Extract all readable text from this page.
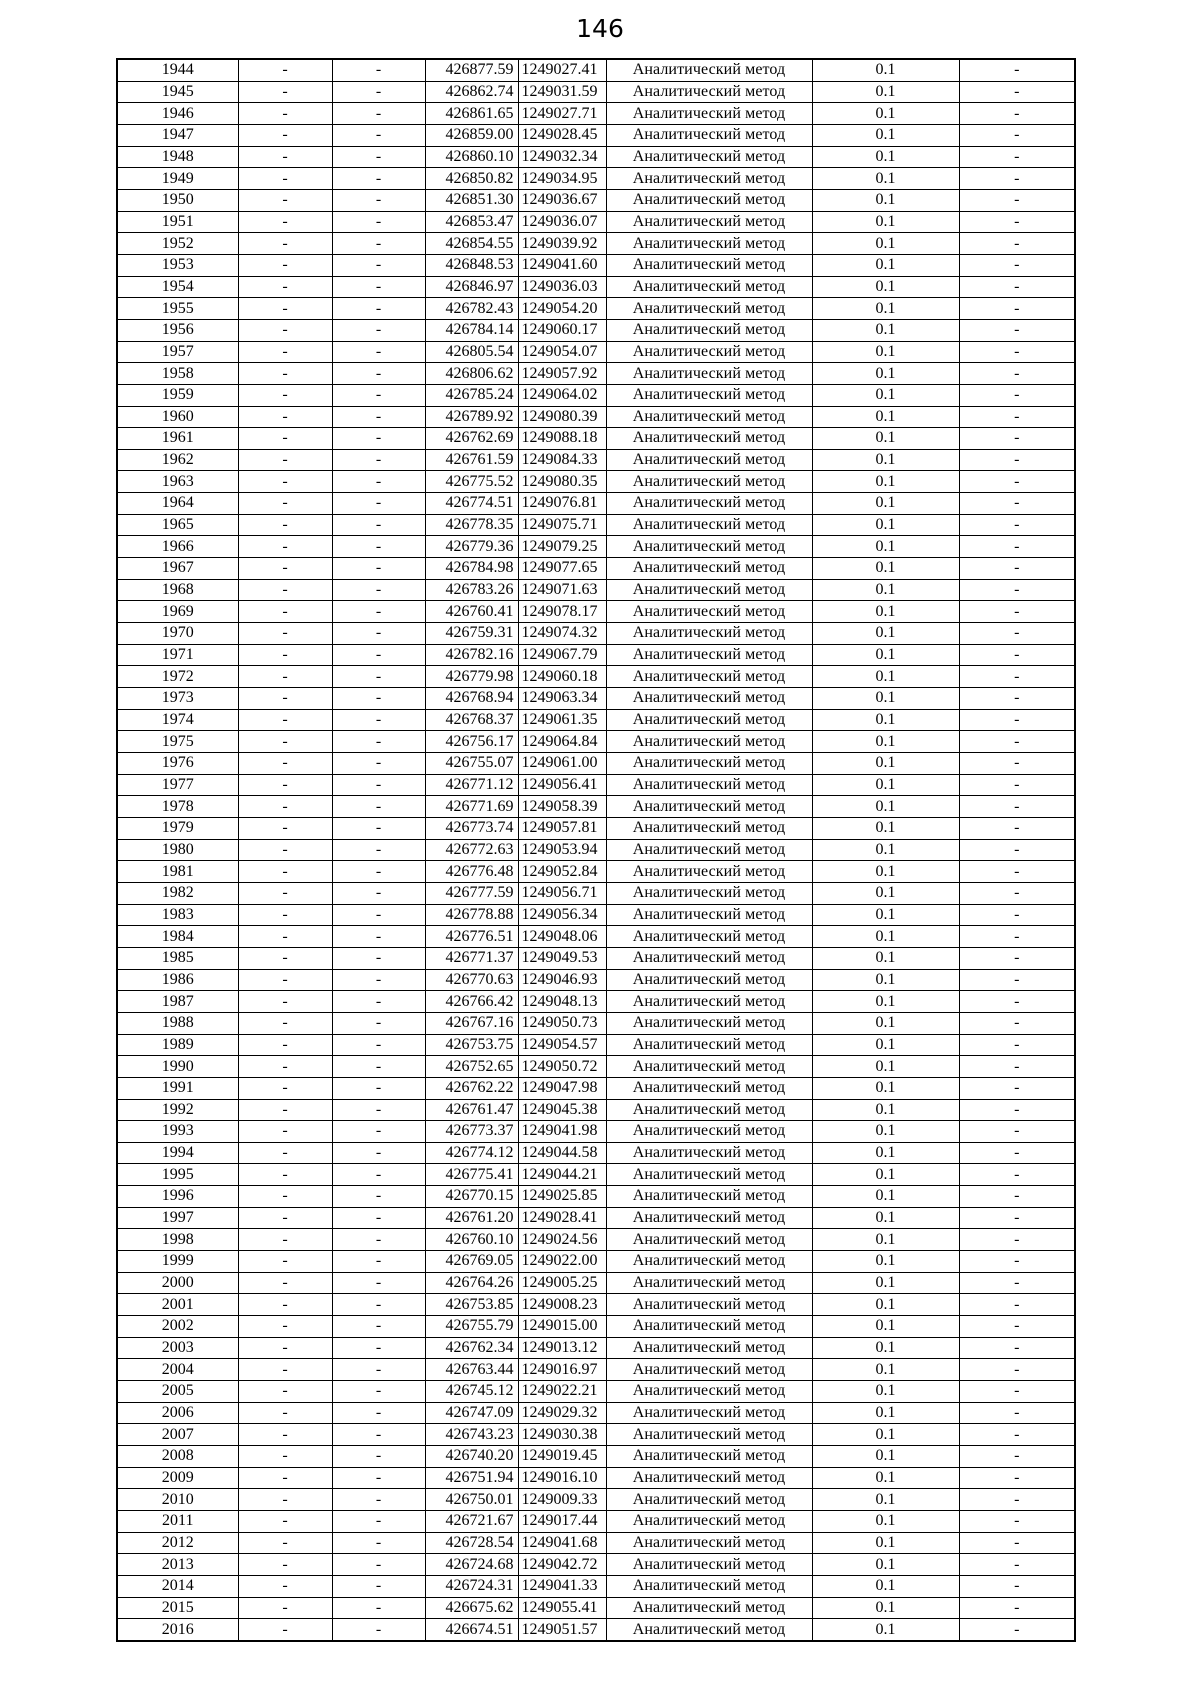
146
1944	-	-	426877.59	1249027.41	Аналитический метод	0.1	-
1945	-	-	426862.74	1249031.59	Аналитический метод	0.1	-
1946	-	-	426861.65	1249027.71	Аналитический метод	0.1	-
1947	-	-	426859.00	1249028.45	Аналитический метод	0.1	-
1948	-	-	426860.10	1249032.34	Аналитический метод	0.1	-
1949	-	-	426850.82	1249034.95	Аналитический метод	0.1	-
1950	-	-	426851.30	1249036.67	Аналитический метод	0.1	-
1951	-	-	426853.47	1249036.07	Аналитический метод	0.1	-
1952	-	-	426854.55	1249039.92	Аналитический метод	0.1	-
1953	-	-	426848.53	1249041.60	Аналитический метод	0.1	-
1954	-	-	426846.97	1249036.03	Аналитический метод	0.1	-
1955	-	-	426782.43	1249054.20	Аналитический метод	0.1	-
1956	-	-	426784.14	1249060.17	Аналитический метод	0.1	-
1957	-	-	426805.54	1249054.07	Аналитический метод	0.1	-
1958	-	-	426806.62	1249057.92	Аналитический метод	0.1	-
1959	-	-	426785.24	1249064.02	Аналитический метод	0.1	-
1960	-	-	426789.92	1249080.39	Аналитический метод	0.1	-
1961	-	-	426762.69	1249088.18	Аналитический метод	0.1	-
1962	-	-	426761.59	1249084.33	Аналитический метод	0.1	-
1963	-	-	426775.52	1249080.35	Аналитический метод	0.1	-
1964	-	-	426774.51	1249076.81	Аналитический метод	0.1	-
1965	-	-	426778.35	1249075.71	Аналитический метод	0.1	-
1966	-	-	426779.36	1249079.25	Аналитический метод	0.1	-
1967	-	-	426784.98	1249077.65	Аналитический метод	0.1	-
1968	-	-	426783.26	1249071.63	Аналитический метод	0.1	-
1969	-	-	426760.41	1249078.17	Аналитический метод	0.1	-
1970	-	-	426759.31	1249074.32	Аналитический метод	0.1	-
1971	-	-	426782.16	1249067.79	Аналитический метод	0.1	-
1972	-	-	426779.98	1249060.18	Аналитический метод	0.1	-
1973	-	-	426768.94	1249063.34	Аналитический метод	0.1	-
1974	-	-	426768.37	1249061.35	Аналитический метод	0.1	-
1975	-	-	426756.17	1249064.84	Аналитический метод	0.1	-
1976	-	-	426755.07	1249061.00	Аналитический метод	0.1	-
1977	-	-	426771.12	1249056.41	Аналитический метод	0.1	-
1978	-	-	426771.69	1249058.39	Аналитический метод	0.1	-
1979	-	-	426773.74	1249057.81	Аналитический метод	0.1	-
1980	-	-	426772.63	1249053.94	Аналитический метод	0.1	-
1981	-	-	426776.48	1249052.84	Аналитический метод	0.1	-
1982	-	-	426777.59	1249056.71	Аналитический метод	0.1	-
1983	-	-	426778.88	1249056.34	Аналитический метод	0.1	-
1984	-	-	426776.51	1249048.06	Аналитический метод	0.1	-
1985	-	-	426771.37	1249049.53	Аналитический метод	0.1	-
1986	-	-	426770.63	1249046.93	Аналитический метод	0.1	-
1987	-	-	426766.42	1249048.13	Аналитический метод	0.1	-
1988	-	-	426767.16	1249050.73	Аналитический метод	0.1	-
1989	-	-	426753.75	1249054.57	Аналитический метод	0.1	-
1990	-	-	426752.65	1249050.72	Аналитический метод	0.1	-
1991	-	-	426762.22	1249047.98	Аналитический метод	0.1	-
1992	-	-	426761.47	1249045.38	Аналитический метод	0.1	-
1993	-	-	426773.37	1249041.98	Аналитический метод	0.1	-
1994	-	-	426774.12	1249044.58	Аналитический метод	0.1	-
1995	-	-	426775.41	1249044.21	Аналитический метод	0.1	-
1996	-	-	426770.15	1249025.85	Аналитический метод	0.1	-
1997	-	-	426761.20	1249028.41	Аналитический метод	0.1	-
1998	-	-	426760.10	1249024.56	Аналитический метод	0.1	-
1999	-	-	426769.05	1249022.00	Аналитический метод	0.1	-
2000	-	-	426764.26	1249005.25	Аналитический метод	0.1	-
2001	-	-	426753.85	1249008.23	Аналитический метод	0.1	-
2002	-	-	426755.79	1249015.00	Аналитический метод	0.1	-
2003	-	-	426762.34	1249013.12	Аналитический метод	0.1	-
2004	-	-	426763.44	1249016.97	Аналитический метод	0.1	-
2005	-	-	426745.12	1249022.21	Аналитический метод	0.1	-
2006	-	-	426747.09	1249029.32	Аналитический метод	0.1	-
2007	-	-	426743.23	1249030.38	Аналитический метод	0.1	-
2008	-	-	426740.20	1249019.45	Аналитический метод	0.1	-
2009	-	-	426751.94	1249016.10	Аналитический метод	0.1	-
2010	-	-	426750.01	1249009.33	Аналитический метод	0.1	-
2011	-	-	426721.67	1249017.44	Аналитический метод	0.1	-
2012	-	-	426728.54	1249041.68	Аналитический метод	0.1	-
2013	-	-	426724.68	1249042.72	Аналитический метод	0.1	-
2014	-	-	426724.31	1249041.33	Аналитический метод	0.1	-
2015	-	-	426675.62	1249055.41	Аналитический метод	0.1	-
2016	-	-	426674.51	1249051.57	Аналитический метод	0.1	-
